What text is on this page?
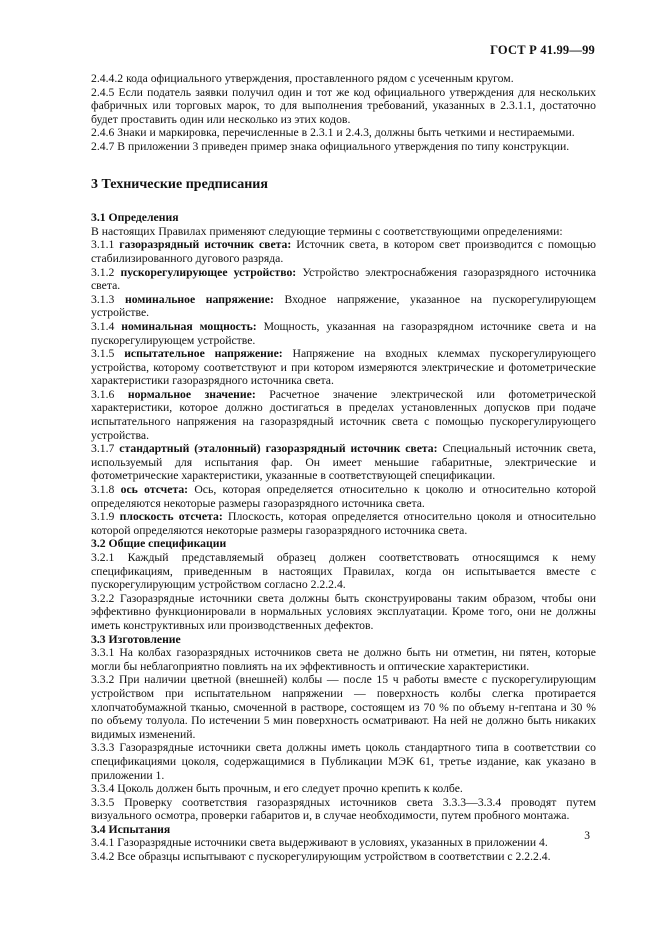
ГОСТ Р 41.99—99
2.4.4.2 кода официального утверждения, проставленного рядом с усеченным кругом.
2.4.5 Если податель заявки получил один и тот же код официального утверждения для нескольких фабричных или торговых марок, то для выполнения требований, указанных в 2.3.1.1, достаточно будет проставить один или несколько из этих кодов.
2.4.6 Знаки и маркировка, перечисленные в 2.3.1 и 2.4.3, должны быть четкими и нестираемыми.
2.4.7 В приложении 3 приведен пример знака официального утверждения по типу конструкции.
3 Технические предписания
3.1 Определения
В настоящих Правилах применяют следующие термины с соответствующими определениями:
3.1.1 газоразрядный источник света: Источник света, в котором свет производится с помощью стабилизированного дугового разряда.
3.1.2 пускорегулирующее устройство: Устройство электроснабжения газоразрядного источника света.
3.1.3 номинальное напряжение: Входное напряжение, указанное на пускорегулирующем устройстве.
3.1.4 номинальная мощность: Мощность, указанная на газоразрядном источнике света и на пускорегулирующем устройстве.
3.1.5 испытательное напряжение: Напряжение на входных клеммах пускорегулирующего устройства, которому соответствуют и при котором измеряются электрические и фотометрические характеристики газоразрядного источника света.
3.1.6 нормальное значение: Расчетное значение электрической или фотометрической характеристики, которое должно достигаться в пределах установленных допусков при подаче испытательного напряжения на газоразрядный источник света с помощью пускорегулирующего устройства.
3.1.7 стандартный (эталонный) газоразрядный источник света: Специальный источник света, используемый для испытания фар. Он имеет меньшие габаритные, электрические и фотометрические характеристики, указанные в соответствующей спецификации.
3.1.8 ось отсчета: Ось, которая определяется относительно к цоколю и относительно которой определяются некоторые размеры газоразрядного источника света.
3.1.9 плоскость отсчета: Плоскость, которая определяется относительно цоколя и относительно которой определяются некоторые размеры газоразрядного источника света.
3.2 Общие спецификации
3.2.1 Каждый представляемый образец должен соответствовать относящимся к нему спецификациям, приведенным в настоящих Правилах, когда он испытывается вместе с пускорегулирующим устройством согласно 2.2.2.4.
3.2.2 Газоразрядные источники света должны быть сконструированы таким образом, чтобы они эффективно функционировали в нормальных условиях эксплуатации. Кроме того, они не должны иметь конструктивных или производственных дефектов.
3.3 Изготовление
3.3.1 На колбах газоразрядных источников света не должно быть ни отметин, ни пятен, которые могли бы неблагоприятно повлиять на их эффективность и оптические характеристики.
3.3.2 При наличии цветной (внешней) колбы — после 15 ч работы вместе с пускорегулирующим устройством при испытательном напряжении — поверхность колбы слегка протирается хлопчатобумажной тканью, смоченной в растворе, состоящем из 70 % по объему н-гептана и 30 % по объему толуола. По истечении 5 мин поверхность осматривают. На ней не должно быть никаких видимых изменений.
3.3.3 Газоразрядные источники света должны иметь цоколь стандартного типа в соответствии со спецификациями цоколя, содержащимися в Публикации МЭК 61, третье издание, как указано в приложении 1.
3.3.4 Цоколь должен быть прочным, и его следует прочно крепить к колбе.
3.3.5 Проверку соответствия газоразрядных источников света 3.3.3—3.3.4 проводят путем визуального осмотра, проверки габаритов и, в случае необходимости, путем пробного монтажа.
3.4 Испытания
3.4.1 Газоразрядные источники света выдерживают в условиях, указанных в приложении 4.
3.4.2 Все образцы испытывают с пускорегулирующим устройством в соответствии с 2.2.2.4.
3
